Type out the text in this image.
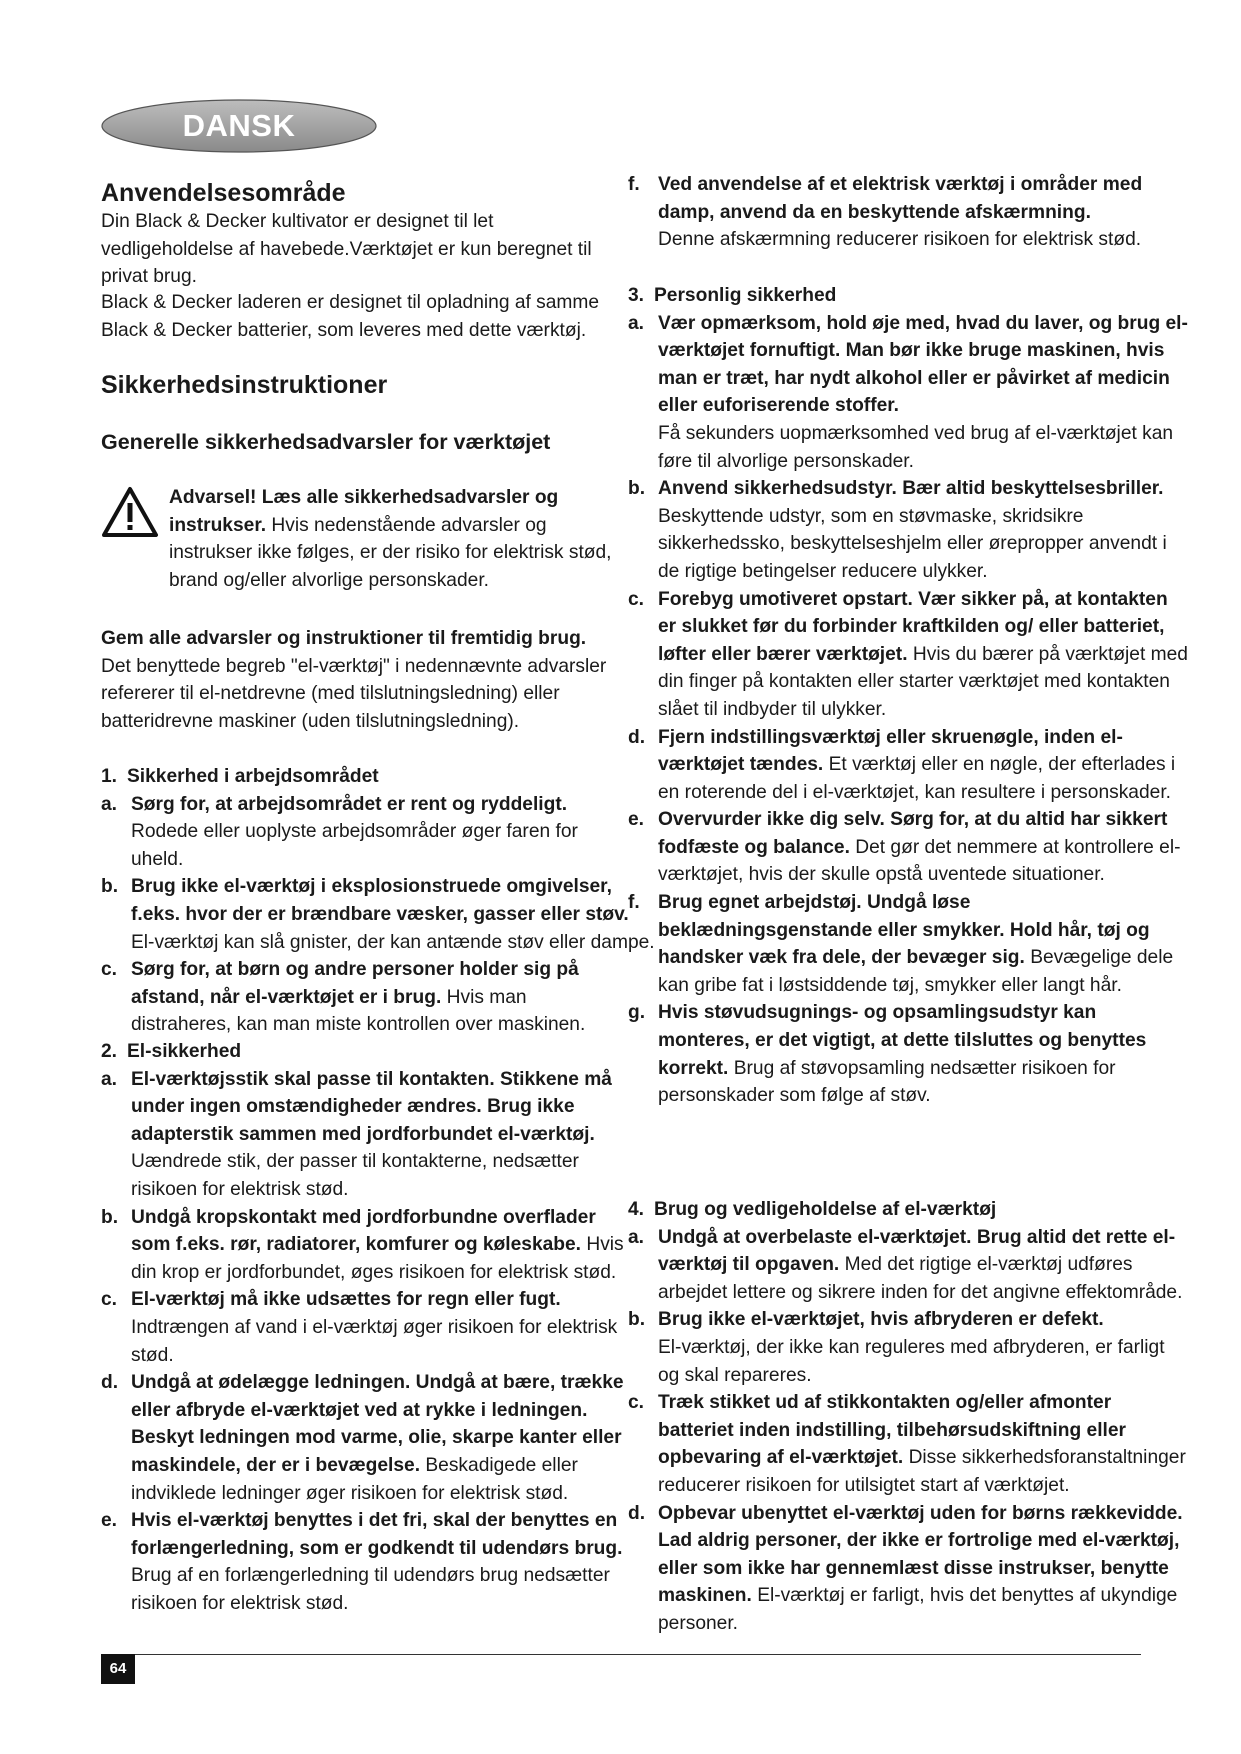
DANSK
Anvendelsesområde

Din Black & Decker kultivator er designet til let vedligeholdelse af havebede.Værktøjet er kun beregnet til privat brug.

Black & Decker laderen er designet til opladning af samme Black & Decker batterier, som leveres med dette værktøj.

Sikkerhedsinstruktioner
Generelle sikkerhedsadvarsler for værktøjet

Advarsel! Læs alle sikkerhedsadvarsler og instrukser. Hvis nedenstående advarsler og instrukser ikke følges, er der risiko for elektrisk stød, brand og/eller alvorlige personskader.

Gem alle advarsler og instruktioner til fremtidig brug.

Det benyttede begreb "el-værktøj" i nedennævnte advarsler refererer til el-netdrevne (med tilslutningsledning) eller batteridrevne maskiner (uden tilslutningsledning).

1. Sikkerhed i arbejdsområdet

a. Sørg for, at arbejdsområdet er rent og ryddeligt.

Rodede eller uoplyste arbejdsområder øger faren for uheld.

b. Brug ikke el-værktøj i eksplosionstruede omgivelser, f.eks. hvor der er brændbare væsker, gasser eller støv.

El-værktøj kan slå gnister, der kan antænde støv eller dampe.

c. Sørg for, at børn og andre personer holder sig på afstand, når el-værktøjet er i brug. Hvis man distraheres, kan man miste kontrollen over maskinen.

2. El-sikkerhed

a. El-værktøjsstik skal passe til kontakten. Stikkene må under ingen omstændigheder ændres. Brug ikke adapterstik sammen med jordforbundet el-værktøj.

Uændrede stik, der passer til kontakterne, nedsætter risikoen for elektrisk stød.

b. Undgå kropskontakt med jordforbundne overflader som f.eks. rør, radiatorer, komfurer og køleskabe. Hvis din krop er jordforbundet, øges risikoen for elektrisk stød.

c. El-værktøj må ikke udsættes for regn eller fugt.

Indtrængen af vand i el-værktøj øger risikoen for elektrisk stød.

d. Undgå at ødelægge ledningen. Undgå at bære, trække eller afbryde el-værktøjet ved at rykke i ledningen. Beskyt ledningen mod varme, olie, skarpe kanter eller maskindele, der er i bevægelse. Beskadigede eller indviklede ledninger øger risikoen for elektrisk stød.

e. Hvis el-værktøj benyttes i det fri, skal der benyttes en forlængerledning, som er godkendt til udendørs brug.

Brug af en forlængerledning til udendørs brug nedsætter risikoen for elektrisk stød.

f. Ved anvendelse af et elektrisk værktøj i områder med damp, anvend da en beskyttende afskærmning.

Denne afskærmning reducerer risikoen for elektrisk stød.

3. Personlig sikkerhed

a. Vær opmærksom, hold øje med, hvad du laver, og brug el-værktøjet fornuftigt. Man bør ikke bruge maskinen, hvis man er træt, har nydt alkohol eller er påvirket af medicin eller euforiserende stoffer.

Få sekunders uopmærksomhed ved brug af el-værktøjet kan føre til alvorlige personskader.

b. Anvend sikkerhedsudstyr. Bær altid beskyttelsesbriller.

Beskyttende udstyr, som en støvmaske, skridsikre sikkerhedssko, beskyttelseshjelm eller ørepropper anvendt i de rigtige betingelser reducere ulykker.

c. Forebyg umotiveret opstart. Vær sikker på, at kontakten er slukket før du forbinder kraftkilden og/ eller batteriet, løfter eller bærer værktøjet. Hvis du bærer på værktøjet med din finger på kontakten eller starter værktøjet med kontakten slået til indbyder til ulykker.

d. Fjern indstillingsværktøj eller skruenøgle, inden el-værktøjet tændes. Et værktøj eller en nøgle, der efterlades i en roterende del i el-værktøjet, kan resultere i personskader.

e. Overvurder ikke dig selv. Sørg for, at du altid har sikkert fodfæste og balance. Det gør det nemmere at kontrollere el-værktøjet, hvis der skulle opstå uventede situationer.

f. Brug egnet arbejdstøj. Undgå løse beklædningsgenstande eller smykker. Hold hår, tøj og handsker væk fra dele, der bevæger sig. Bevægelige dele kan gribe fat i løstsiddende tøj, smykker eller langt hår.

g. Hvis støvudsugnings- og opsamlingsudstyr kan monteres, er det vigtigt, at dette tilsluttes og benyttes korrekt. Brug af støvopsamling nedsætter risikoen for personskader som følge af støv.

4. Brug og vedligeholdelse af el-værktøj

a. Undgå at overbelaste el-værktøjet. Brug altid det rette el-værktøj til opgaven. Med det rigtige el-værktøj udføres arbejdet lettere og sikrere inden for det angivne effektområde.

b. Brug ikke el-værktøjet, hvis afbryderen er defekt.

El-værktøj, der ikke kan reguleres med afbryderen, er farligt og skal repareres.

c. Træk stikket ud af stikkontakten og/eller afmonter batteriet inden indstilling, tilbehørsudskiftning eller opbevaring af el-værktøjet. Disse sikkerhedsforanstaltninger reducerer risikoen for utilsigtet start af værktøjet.

d. Opbevar ubenyttet el-værktøj uden for børns rækkevidde. Lad aldrig personer, der ikke er fortrolige med el-værktøj, eller som ikke har gennemlæst disse instrukser, benytte maskinen. El-værktøj er farligt, hvis det benyttes af ukyndige personer.

64
